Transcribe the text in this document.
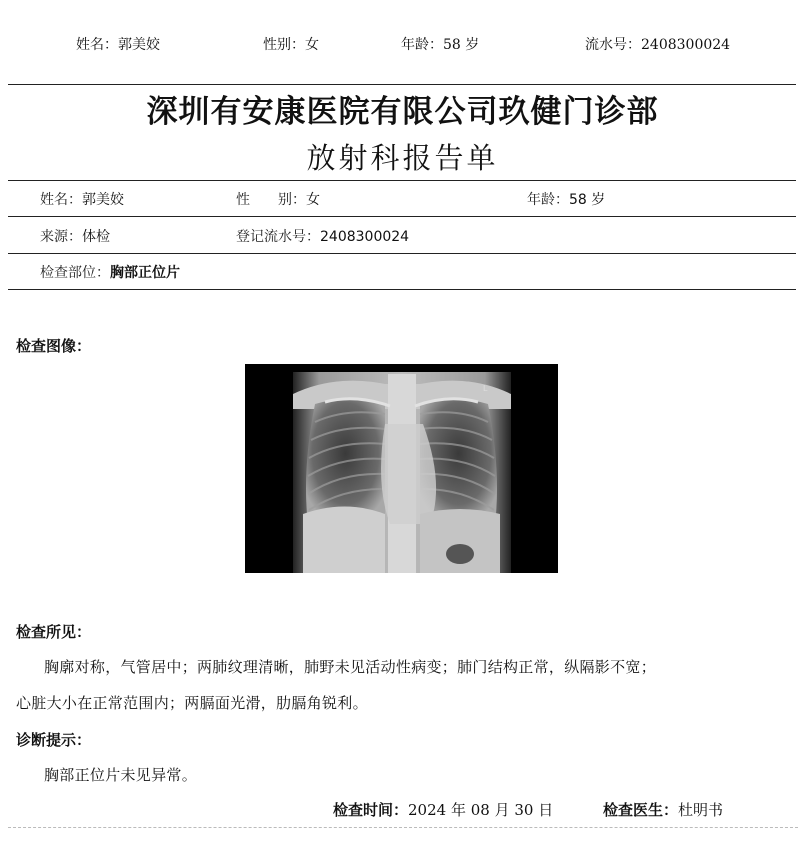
姓名：郭美姣	性别：女	年龄：58 岁	流水号：2408300024
深圳有安康医院有限公司玖健门诊部
放射科报告单
姓名：郭美姣	性　　别：女	年龄：58 岁
来源：体检	登记流水号：2408300024
检查部位：胸部正位片
检查图像：
L
检查所见：
胸廓对称，气管居中；两肺纹理清晰，肺野未见活动性病变；肺门结构正常，纵隔影不宽；
心脏大小在正常范围内；两膈面光滑，肋膈角锐利。
诊断提示：
胸部正位片未见异常。
检查时间：2024 年 08 月 30 日	检查医生：杜明书
